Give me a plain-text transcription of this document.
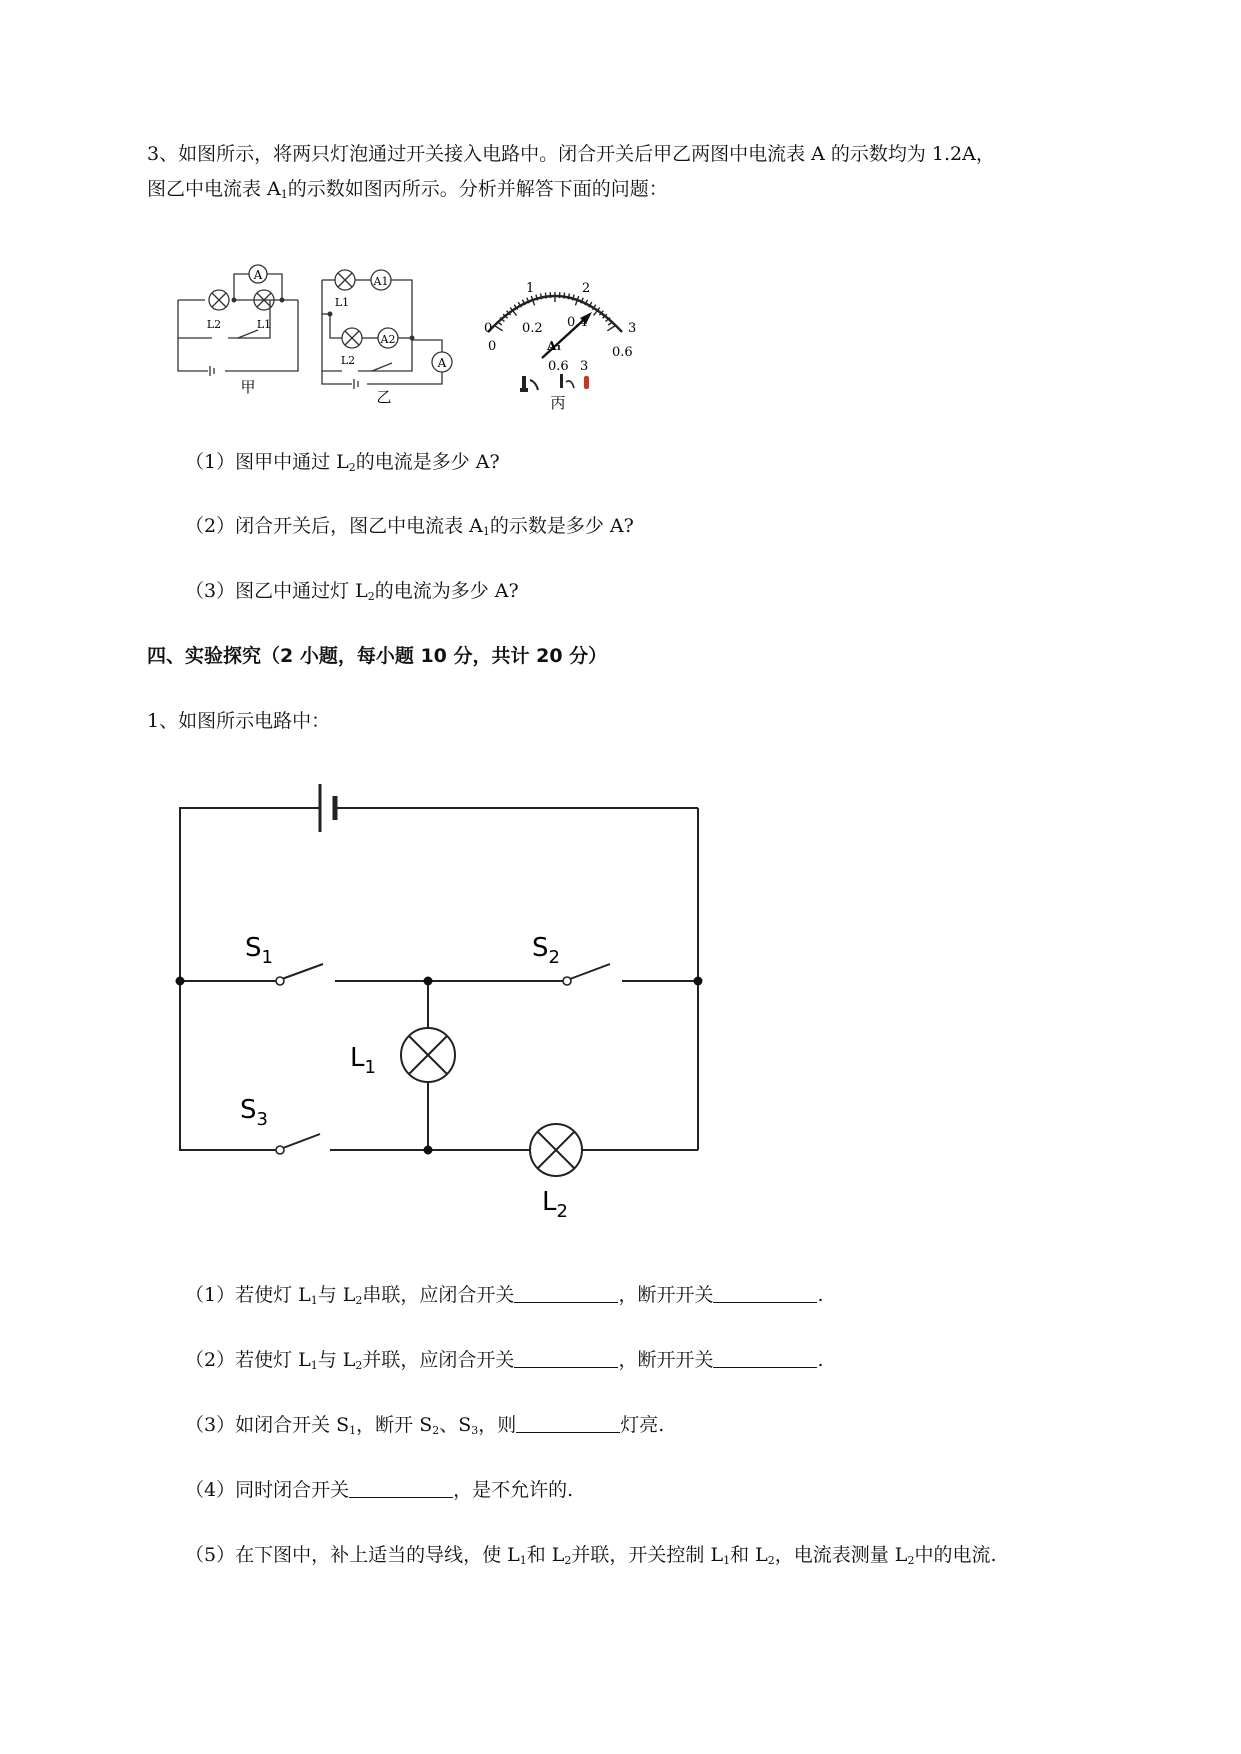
3、如图所示，将两只灯泡通过开关接入电路中。闭合开关后甲乙两图中电流表 A 的示数均为 1.2A，
图乙中电流表 $A_1$的示数如图丙所示。分析并解答下面的问题：
A
L2	L1
甲
A1
A2
A
L1
L2
乙
0
1	2
3
0
0.2 0.4
0.6
A₁
0.6 3
丙
（1）图甲中通过 $L_2$的电流是多少 A?
（2）闭合开关后，图乙中电流表 $A_1$的示数是多少 A?
（3）图乙中通过灯 $L_2$的电流为多少 A?
四、实验探究（2 小题，每小题 10 分，共计 20 分）
1、如图所示电路中：
$S_1$	$S_2$
$S_3$
$L_1$
$L_2$
（1）若使灯 $L_1$与 $L_2$串联，应闭合开关	，断开开关	.
（2）若使灯 $L_1$与 $L_2$并联，应闭合开关	，断开开关	.
（3）如闭合开关 $S_1$，断开 $S_2$、$S_3$，则	灯亮.
（4）同时闭合开关	，是不允许的.
（5）在下图中，补上适当的导线，使 $L_1$和 $L_2$并联，开关控制 $L_1$和 $L_2$，电流表测量 $L_2$中的电流.
